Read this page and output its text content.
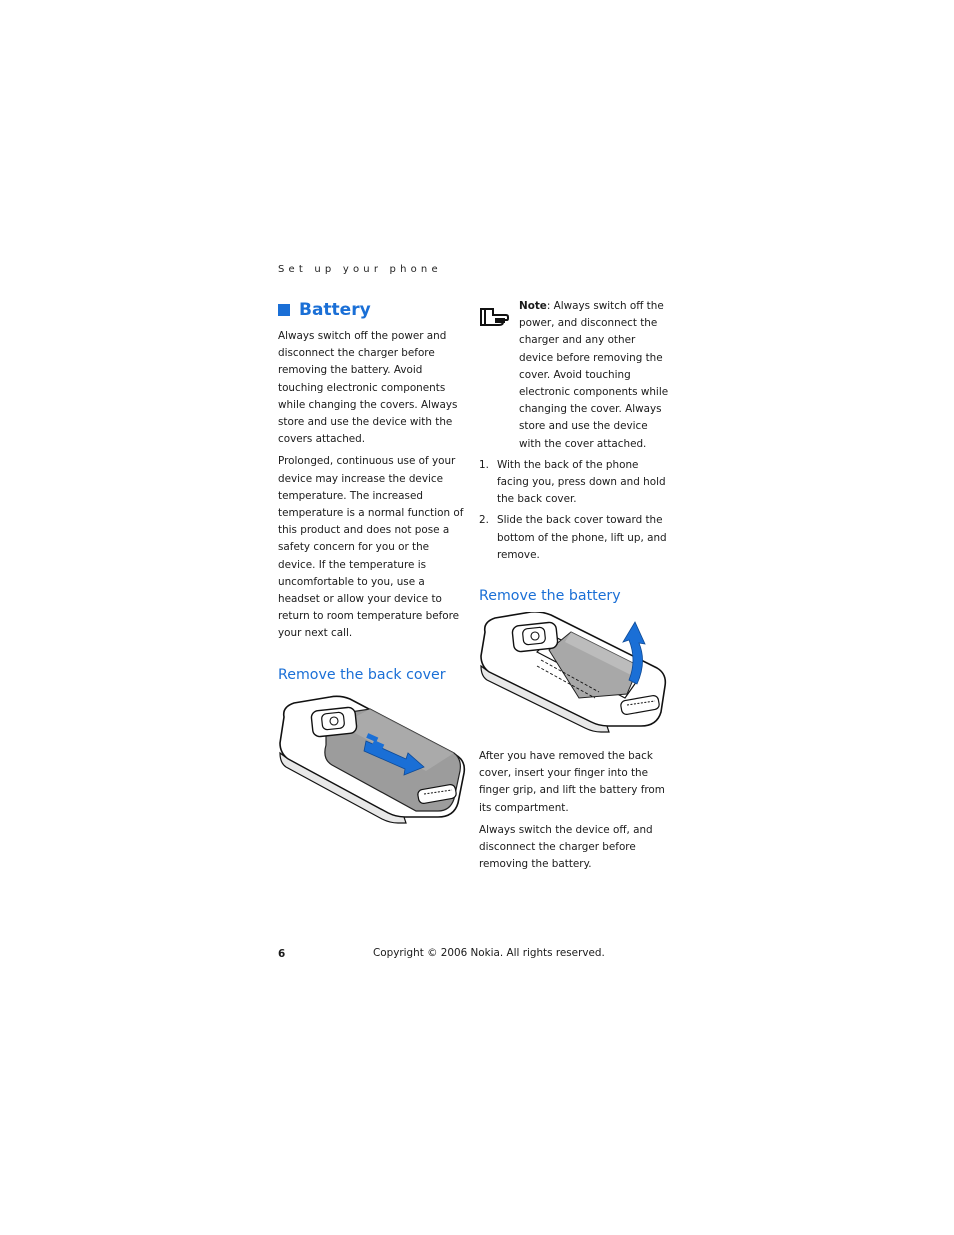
Set up your phone
Battery

Always switch off the power and disconnect the charger before removing the battery. Avoid touching electronic components while changing the covers. Always store and use the device with the covers attached.

Prolonged, continuous use of your device may increase the device temperature. The increased temperature is a normal function of this product and does not pose a safety concern for you or the device. If the temperature is uncomfortable to you, use a headset or allow your device to return to room temperature before your next call.

Remove the back cover

Note: Always switch off the power, and disconnect the charger and any other device before removing the cover. Avoid touching electronic components while changing the cover. Always store and use the device with the cover attached.

1. With the back of the phone facing you, press down and hold the back cover.
2. Slide the back cover toward the bottom of the phone, lift up, and remove.
Remove the battery

After you have removed the back cover, insert your finger into the finger grip, and lift the battery from its compartment.

Always switch the device off, and disconnect the charger before removing the battery.

6	Copyright © 2006 Nokia. All rights reserved.
